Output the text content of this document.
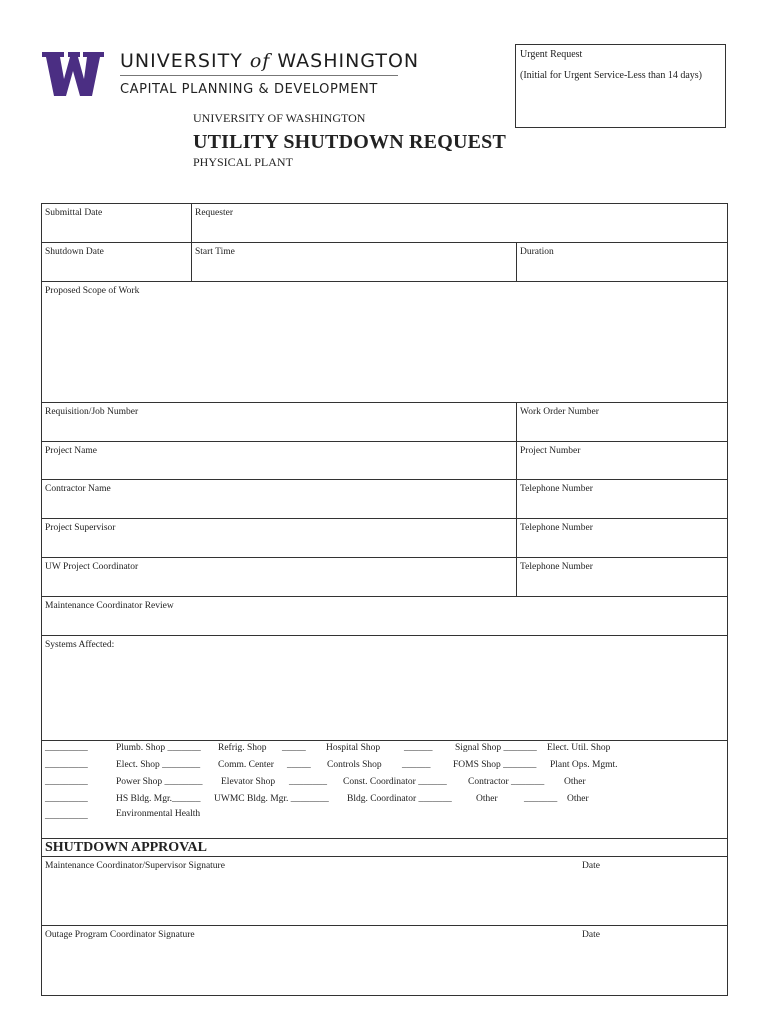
UNIVERSITY of WASHINGTON
CAPITAL PLANNING & DEVELOPMENT
Urgent Request
(Initial for Urgent Service-Less than 14 days)
UNIVERSITY OF WASHINGTON
UTILITY SHUTDOWN REQUEST
PHYSICAL PLANT
Submittal Date	Requester
Shutdown Date	Start Time	Duration
Proposed Scope of Work
Requisition/Job Number	Work Order Number
Project Name	Project Number
Contractor Name	Telephone Number
Project Supervisor	Telephone Number
UW Project Coordinator	Telephone Number
Maintenance Coordinator Review
Systems Affected:
_________	Plumb. Shop _______ Refrig. Shop _____ Hospital Shop	______ Signal Shop _______ Elect. Util. Shop
_________	Elect. Shop ________ Comm. Center _____ Controls Shop ______ FOMS Shop _______ Plant Ops. Mgmt.
_________	Power Shop ________ Elevator Shop ________ Const. Coordinator ______ Contractor _______ Other
_________	HS Bldg. Mgr.______ UWMC Bldg. Mgr. ________ Bldg. Coordinator _______	Other	_______ Other
_________	Environmental Health
SHUTDOWN APPROVAL
Maintenance Coordinator/Supervisor Signature	Date
Outage Program Coordinator Signature	Date
